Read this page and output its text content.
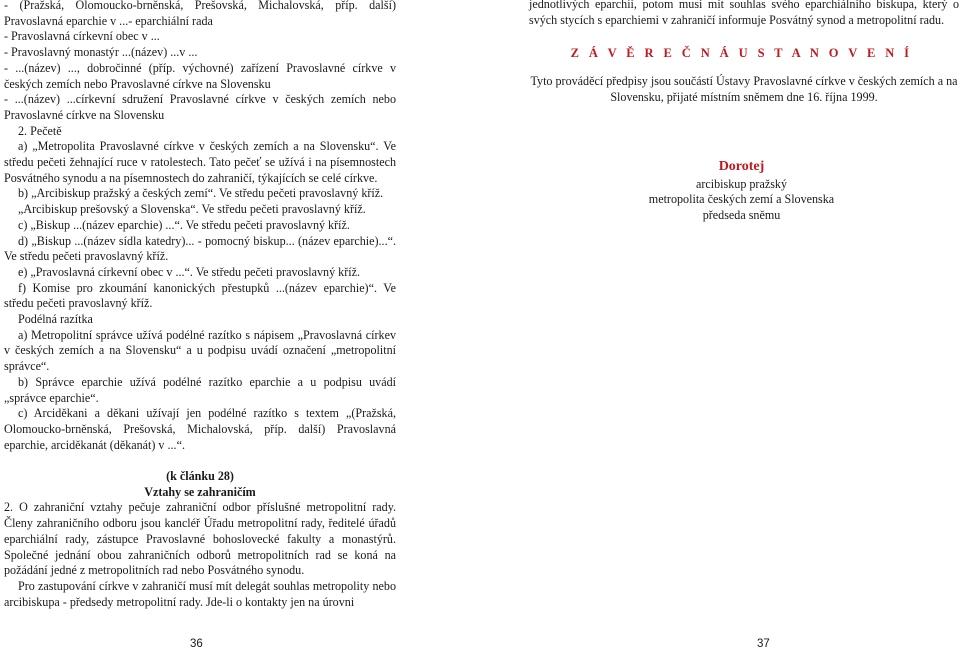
- (Pražská, Olomoucko-brněnská, Prešovská, Michalovská, příp. další) Pravoslavná eparchie v ...- eparchiální rada

- Pravoslavná církevní obec v ...

- Pravoslavný monastýr ...(název) ...v ...

- ...(název) ..., dobročinné (příp. výchovné) zařízení Pravoslavné církve v českých zemích nebo Pravoslavné církve na Slovensku

- ...(název) ...církevní sdružení Pravoslavné církve v českých zemích nebo Pravoslavné církve na Slovensku

2. Pečetě

a) „Metropolita Pravoslavné církve v českých zemích a na Slovensku“. Ve středu pečeti žehnající ruce v ratolestech. Tato pečeť se užívá i na písemnostech Posvátného synodu a na písemnostech do zahraničí, týkajících se celé církve.

b) „Arcibiskup pražský a českých zemí“. Ve středu pečeti pravoslavný kříž.

„Arcibiskup prešovský a Slovenska“. Ve středu pečeti pravoslavný kříž.

c) „Biskup ...(název eparchie) ...“. Ve středu pečeti pravoslavný kříž.

d) „Biskup ...(název sídla katedry)... - pomocný biskup... (název eparchie)...“. Ve středu pečeti pravoslavný kříž.

e) „Pravoslavná církevní obec v ...“. Ve středu pečeti pravoslavný kříž.

f) Komise pro zkoumání kanonických přestupků ...(název eparchie)“. Ve středu pečeti pravoslavný kříž.

Podélná razítka

a) Metropolitní správce užívá podélné razítko s nápisem „Pravoslavná církev v českých zemích a na Slovensku“ a u podpisu uvádí označení „metropolitní správce“.

b) Správce eparchie užívá podélné razítko eparchie a u podpisu uvádí „správce eparchie“.

c) Arciděkani a děkani užívají jen podélné razítko s textem „(Pražská, Olomoucko-brněnská, Prešovská, Michalovská, příp. další) Pravoslavná eparchie, arciděkanát (děkanát) v ...“.

(k článku 28)

Vztahy se zahraničím

2. O zahraniční vztahy pečuje zahraniční odbor příslušné metropolitní rady. Členy zahraničního odboru jsou kancléř Úřadu metropolitní rady, ředitelé úřadů eparchiální rady, zástupce Pravoslavné bohoslovecké fakulty a monastýrů. Společné jednání obou zahraničních odborů metropolitních rad se koná na požádání jedné z metropolitních rad nebo Posvátného synodu.

Pro zastupování církve v zahraničí musí mít delegát souhlas metropolity nebo arcibiskupa - předsedy metropolitní rady. Jde-li o kontakty jen na úrovni

36

jednotlivých eparchií, potom musí mít souhlas svého eparchiálního biskupa, který o svých stycích s eparchiemi v zahraničí informuje Posvátný synod a metropolitní radu.

Z Á V Ě R E Č N Á U S T A N O V E N Í

Tyto prováděcí předpisy jsou součástí Ústavy Pravoslavné církve v českých zemích a na Slovensku, přijaté místním sněmem dne 16. října 1999.

Dorotej
arcibiskup pražský
metropolita českých zemí a Slovenska
předseda sněmu
37
